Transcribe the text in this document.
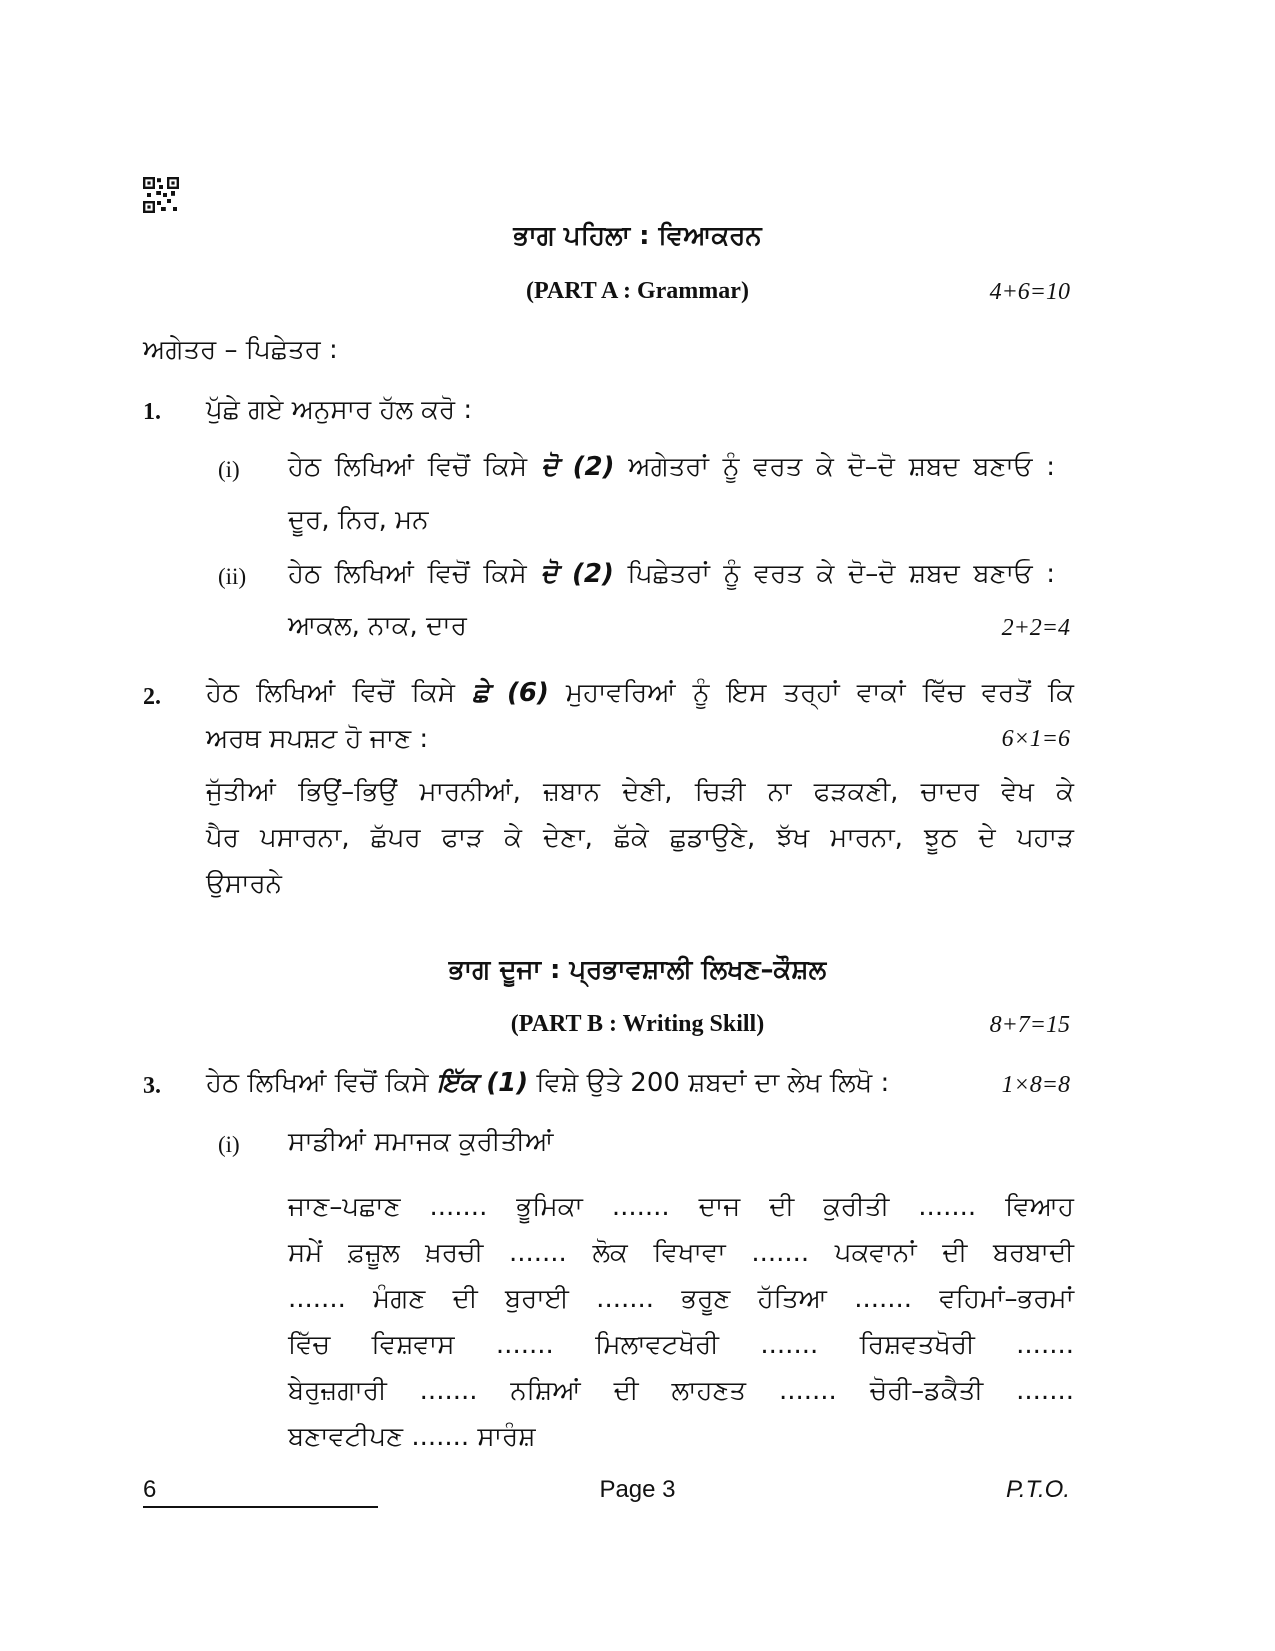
ਭਾਗ ਪਹਿਲਾ : ਵਿਆਕਰਨ
(PART A : Grammar)	4+6=10
ਅਗੇਤਰ – ਪਿਛੇਤਰ :
1. ਪੁੱਛੇ ਗਏ ਅਨੁਸਾਰ ਹੱਲ ਕਰੋ :
(i) ਹੇਠ ਲਿਖਿਆਂ ਵਿਚੋਂ ਕਿਸੇ ਦੋ (2) ਅਗੇਤਰਾਂ ਨੂੰ ਵਰਤ ਕੇ ਦੋ–ਦੋ ਸ਼ਬਦ ਬਣਾਓ :
ਦੂਰ, ਨਿਰ, ਮਨ
(ii) ਹੇਠ ਲਿਖਿਆਂ ਵਿਚੋਂ ਕਿਸੇ ਦੋ (2) ਪਿਛੇਤਰਾਂ ਨੂੰ ਵਰਤ ਕੇ ਦੋ–ਦੋ ਸ਼ਬਦ ਬਣਾਓ :
ਆਕਲ, ਨਾਕ, ਦਾਰ	2+2=4
2. ਹੇਠ ਲਿਖਿਆਂ ਵਿਚੋਂ ਕਿਸੇ ਛੇ (6) ਮੁਹਾਵਰਿਆਂ ਨੂੰ ਇਸ ਤਰ੍ਹਾਂ ਵਾਕਾਂ ਵਿੱਚ ਵਰਤੋਂ ਕਿ
ਅਰਥ ਸਪਸ਼ਟ ਹੋ ਜਾਣ :	6×1=6
ਜੁੱਤੀਆਂ ਭਿਉਂ–ਭਿਉਂ ਮਾਰਨੀਆਂ, ਜ਼ਬਾਨ ਦੇਣੀ, ਚਿੜੀ ਨਾ ਫੜਕਣੀ, ਚਾਦਰ ਵੇਖ ਕੇ
ਪੈਰ ਪਸਾਰਨਾ, ਛੱਪਰ ਫਾੜ ਕੇ ਦੇਣਾ, ਛੱਕੇ ਛੁਡਾਉਣੇ, ਝੱਖ ਮਾਰਨਾ, ਝੂਠ ਦੇ ਪਹਾੜ
ਉਸਾਰਨੇ
ਭਾਗ ਦੂਜਾ : ਪ੍ਰਭਾਵਸ਼ਾਲੀ ਲਿਖਣ–ਕੌਸ਼ਲ
(PART B : Writing Skill)	8+7=15
3. ਹੇਠ ਲਿਖਿਆਂ ਵਿਚੋਂ ਕਿਸੇ ਇੱਕ (1) ਵਿਸ਼ੇ ਉਤੇ 200 ਸ਼ਬਦਾਂ ਦਾ ਲੇਖ ਲਿਖੋ :	1×8=8
(i) ਸਾਡੀਆਂ ਸਮਾਜਕ ਕੁਰੀਤੀਆਂ
ਜਾਣ–ਪਛਾਣ ....... ਭੂਮਿਕਾ ....... ਦਾਜ ਦੀ ਕੁਰੀਤੀ ....... ਵਿਆਹ
ਸਮੇਂ ਫ਼ਜ਼ੂਲ ਖ਼ਰਚੀ ....... ਲੋਕ ਵਿਖਾਵਾ ....... ਪਕਵਾਨਾਂ ਦੀ ਬਰਬਾਦੀ
....... ਮੰਗਣ ਦੀ ਬੁਰਾਈ ....... ਭਰੂਣ ਹੱਤਿਆ ....... ਵਹਿਮਾਂ–ਭਰਮਾਂ
ਵਿੱਚ ਵਿਸ਼ਵਾਸ ....... ਮਿਲਾਵਟਖੋਰੀ ....... ਰਿਸ਼ਵਤਖੋਰੀ .......
ਬੇਰੁਜ਼ਗਾਰੀ ....... ਨਸ਼ਿਆਂ ਦੀ ਲਾਹਣਤ ....... ਚੋਰੀ–ਡਕੈਤੀ .......
ਬਣਾਵਟੀਪਣ ....... ਸਾਰੰਸ਼
6	Page 3	P.T.O.
